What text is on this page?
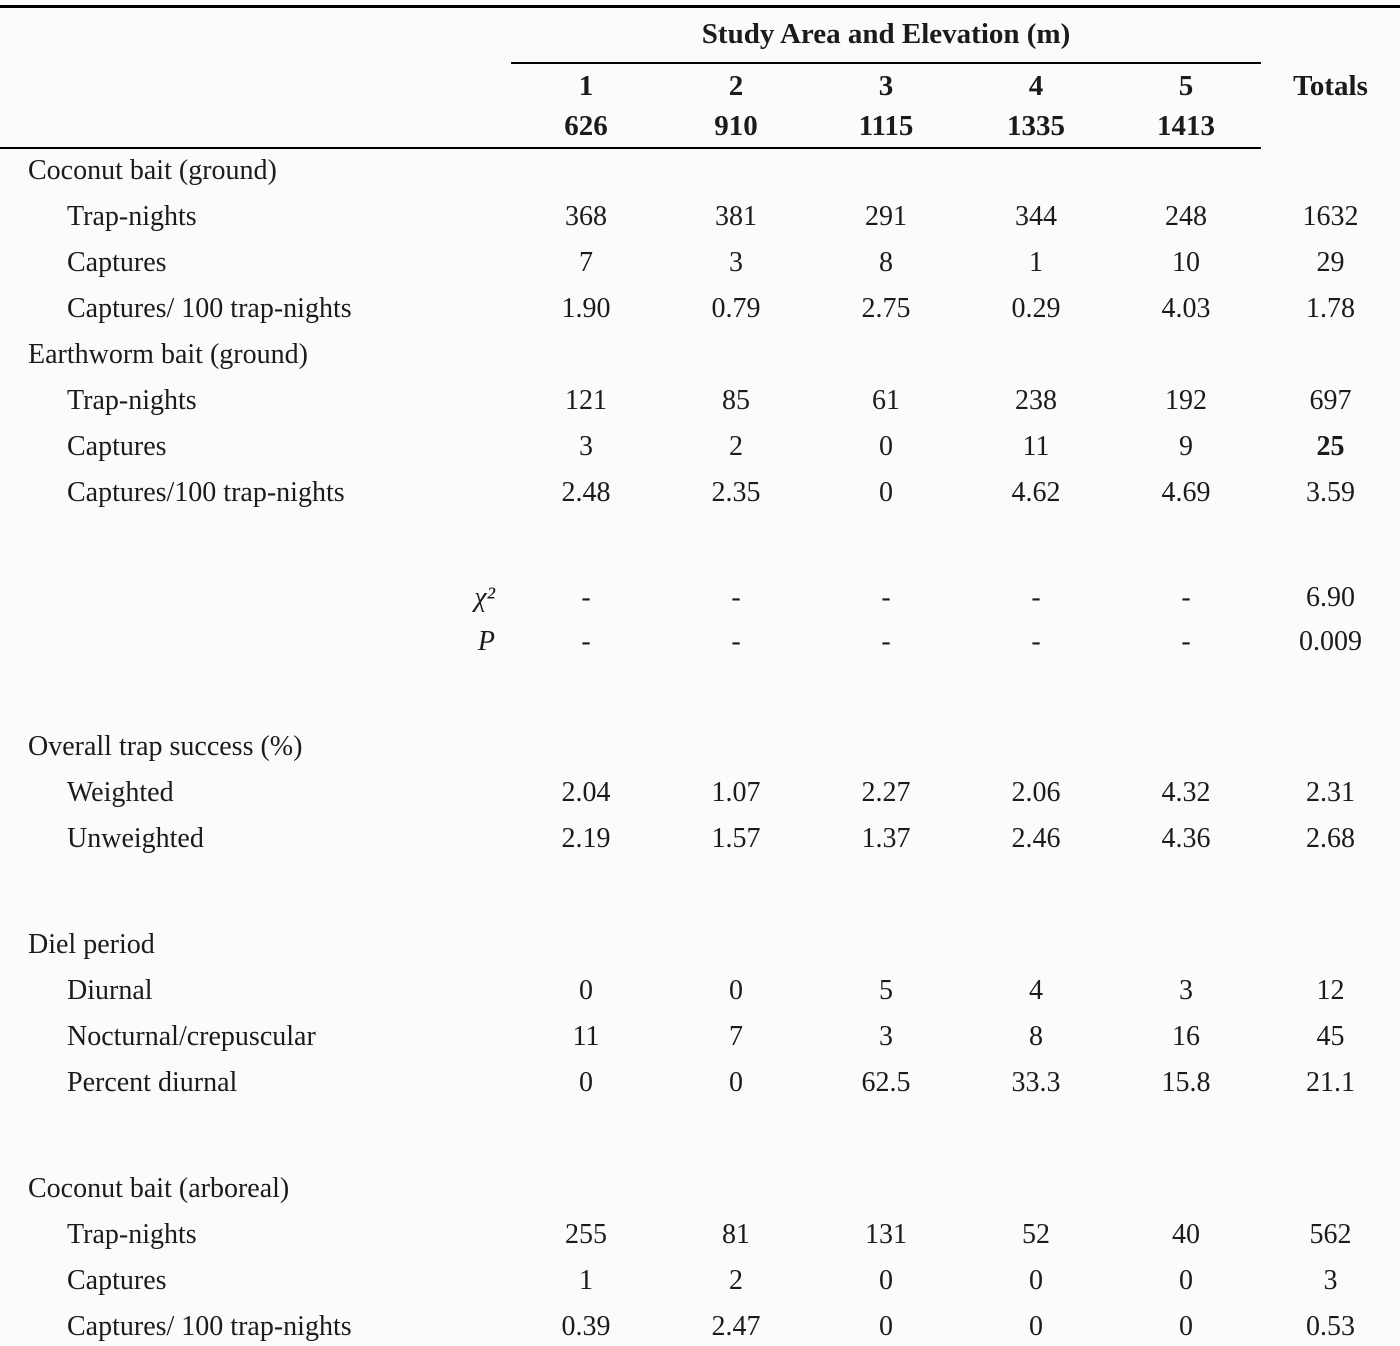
	Study Area and Elevation (m)					
	1	2	3	4	5	Totals
	626	910	1115	1335	1413	
Coconut bait (ground)						
Trap-nights	368	381	291	344	248	1632
Captures	7	3	8	1	10	29
Captures/ 100 trap-nights	1.90	0.79	2.75	0.29	4.03	1.78
Earthworm bait (ground)						
Trap-nights	121	85	61	238	192	697
Captures	3	2	0	11	9	25
Captures/100 trap-nights	2.48	2.35	0	4.62	4.69	3.59

χ²	-	-	-	-	-	6.90
P	-	-	-	-	-	0.009

Overall trap success (%)						
Weighted	2.04	1.07	2.27	2.06	4.32	2.31
Unweighted	2.19	1.57	1.37	2.46	4.36	2.68

Diel period						
Diurnal	0	0	5	4	3	12
Nocturnal/crepuscular	11	7	3	8	16	45
Percent diurnal	0	0	62.5	33.3	15.8	21.1

Coconut bait (arboreal)						
Trap-nights	255	81	131	52	40	562
Captures	1	2	0	0	0	3
Captures/ 100 trap-nights	0.39	2.47	0	0	0	0.53
